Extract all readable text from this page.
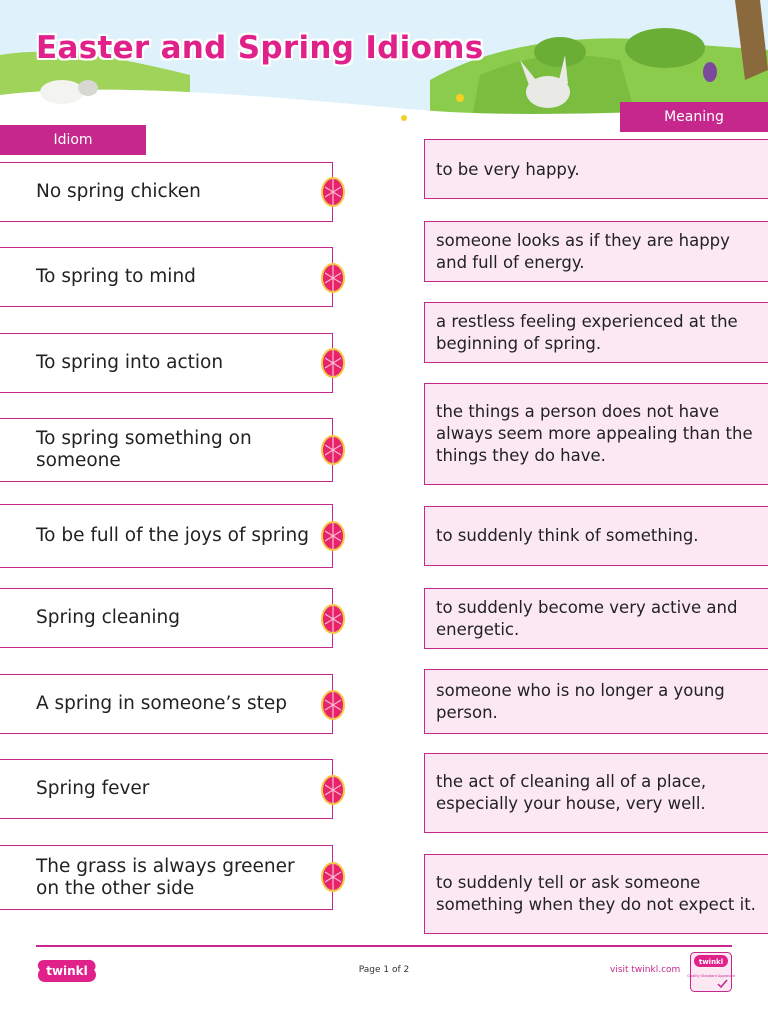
Easter and Spring Idioms
Idiom
Meaning
No spring chicken
To spring to mind
To spring into action
To spring something on someone
To be full of the joys of spring
Spring cleaning
A spring in someone’s step
Spring fever
The grass is always greener on the other side
to be very happy.
someone looks as if they are happy and full of energy.
a restless feeling experienced at the beginning of spring.
the things a person does not have always seem more appealing than the things they do have.
to suddenly think of something.
to suddenly become very active and energetic.
someone who is no longer a young person.
the act of cleaning all of a place, especially your house, very well.
to suddenly tell or ask someone something when they do not expect it.
twinkl	Page 1 of 2	visit twinkl.com
twinkl
Quality Standard Approved
